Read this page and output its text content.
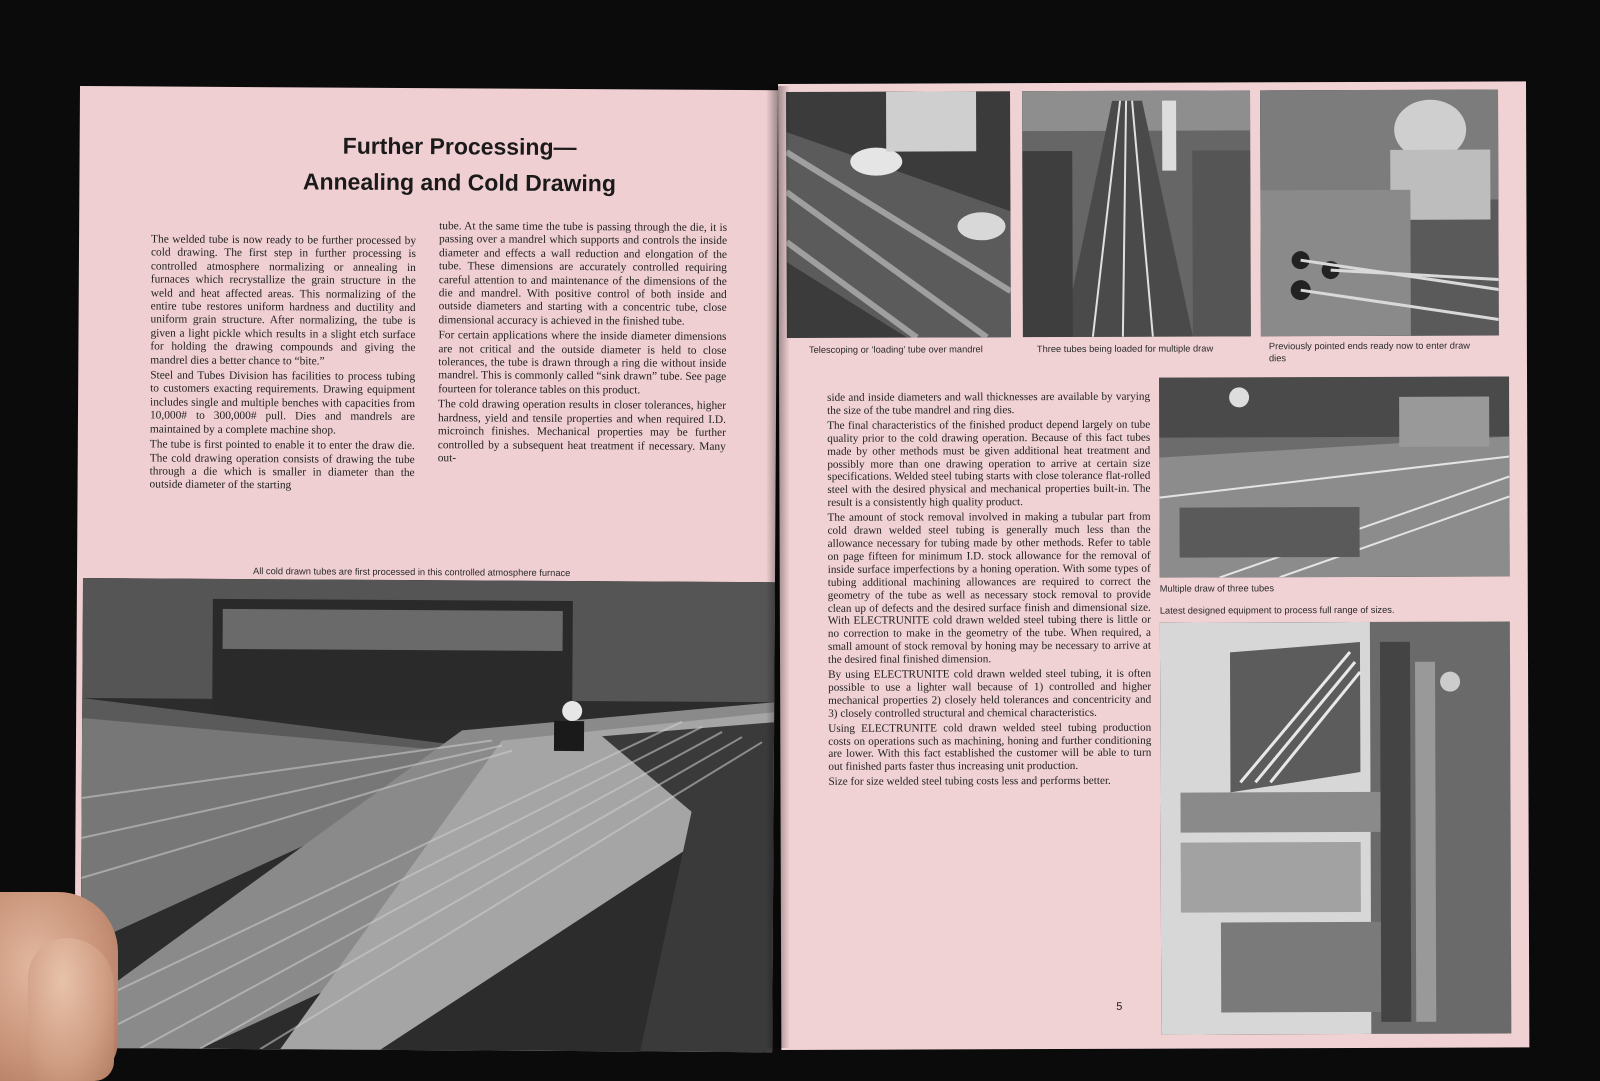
Further Processing—
Annealing and Cold Drawing

The welded tube is now ready to be further processed by cold drawing. The first step in further processing is controlled atmosphere normalizing or annealing in furnaces which recrystallize the grain structure in the weld and heat affected areas. This normalizing of the entire tube restores uniform hardness and ductility and uniform grain structure. After normalizing, the tube is given a light pickle which results in a slight etch surface for holding the drawing compounds and giving the mandrel dies a better chance to “bite.”

Steel and Tubes Division has facilities to process tubing to customers exacting requirements. Drawing equipment includes single and multiple benches with capacities from 10,000# to 300,000# pull. Dies and mandrels are maintained by a complete machine shop.

The tube is first pointed to enable it to enter the draw die. The cold drawing operation consists of drawing the tube through a die which is smaller in diameter than the outside diameter of the starting

tube. At the same time the tube is passing through the die, it is passing over a mandrel which supports and controls the inside diameter and effects a wall reduction and elongation of the tube. These dimensions are accurately controlled requiring careful attention to and maintenance of the dimensions of the die and mandrel. With positive control of both inside and outside diameters and starting with a concentric tube, close dimensional accuracy is achieved in the finished tube.

For certain applications where the inside diameter dimensions are not critical and the outside diameter is held to close tolerances, the tube is drawn through a ring die without inside mandrel. This is commonly called “sink drawn” tube. See page fourteen for tolerance tables on this product.

The cold drawing operation results in closer tolerances, higher hardness, yield and tensile properties and when required I.D. microinch finishes. Mechanical properties may be further controlled by a subsequent heat treatment if necessary. Many out-

All cold drawn tubes are first processed in this controlled atmosphere furnace
Telescoping or ‘loading’ tube over mandrel	Three tubes being loaded for multiple draw	Previously pointed ends ready now to enter draw dies

side and inside diameters and wall thicknesses are available by varying the size of the tube mandrel and ring dies.

The final characteristics of the finished product depend largely on tube quality prior to the cold drawing operation. Because of this fact tubes made by other methods must be given additional heat treatment and possibly more than one drawing operation to arrive at certain size specifications. Welded steel tubing starts with close tolerance flat-rolled steel with the desired physical and mechanical properties built-in. The result is a consistently high quality product.

The amount of stock removal involved in making a tubular part from cold drawn welded steel tubing is generally much less than the allowance necessary for tubing made by other methods. Refer to table on page fifteen for minimum I.D. stock allowance for the removal of inside surface imperfections by a honing operation. With some types of tubing additional machining allowances are required to correct the geometry of the tube as well as necessary stock removal to provide clean up of defects and the desired surface finish and dimensional size. With ELECTRUNITE cold drawn welded steel tubing there is little or no correction to make in the geometry of the tube. When required, a small amount of stock removal by honing may be necessary to arrive at the desired final finished dimension.

By using ELECTRUNITE cold drawn welded steel tubing, it is often possible to use a lighter wall because of 1) controlled and higher mechanical properties 2) closely held tolerances and concentricity and 3) closely controlled structural and chemical characteristics.

Using ELECTRUNITE cold drawn welded steel tubing production costs on operations such as machining, honing and further conditioning are lower. With this fact established the customer will be able to turn out finished parts faster thus increasing unit production.

Size for size welded steel tubing costs less and performs better.

Multiple draw of three tubes
Latest designed equipment to process full range of sizes.
5
